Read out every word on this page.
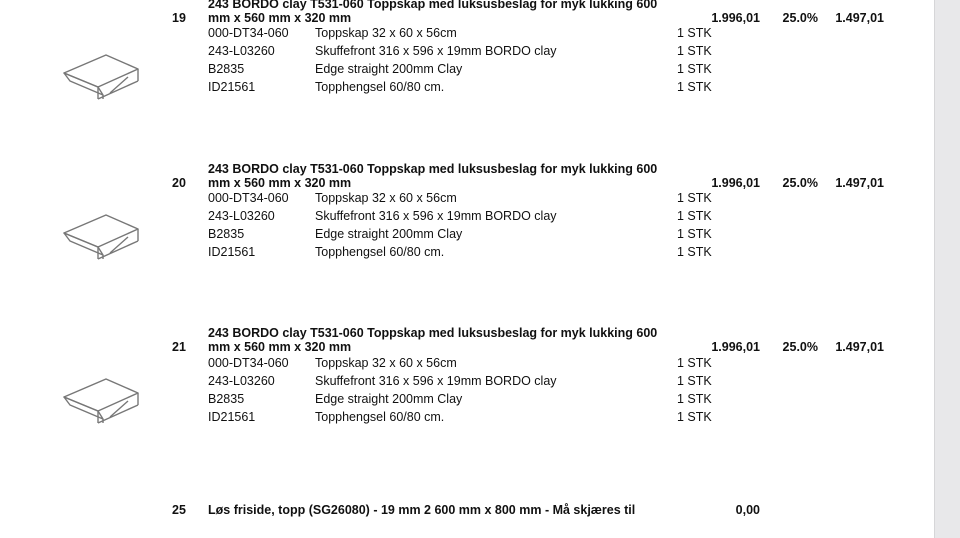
19
243 BORDO clay T531-060 Toppskap med luksusbeslag for myk lukking 600 mm x 560 mm x 320 mm	1.996,01 25.0% 1.497,01
000-DT34-060 Toppskap 32 x 60 x 56cm	1 STK
243-L03260	Skuffefront 316 x 596 x 19mm BORDO clay	1 STK
B2835	Edge straight 200mm Clay	1 STK
ID21561	Topphengsel 60/80 cm.	1 STK
20
243 BORDO clay T531-060 Toppskap med luksusbeslag for myk lukking 600 mm x 560 mm x 320 mm	1.996,01 25.0% 1.497,01
000-DT34-060 Toppskap 32 x 60 x 56cm	1 STK
243-L03260	Skuffefront 316 x 596 x 19mm BORDO clay	1 STK
B2835	Edge straight 200mm Clay	1 STK
ID21561	Topphengsel 60/80 cm.	1 STK
21
243 BORDO clay T531-060 Toppskap med luksusbeslag for myk lukking 600 mm x 560 mm x 320 mm	1.996,01 25.0% 1.497,01
000-DT34-060 Toppskap 32 x 60 x 56cm	1 STK
243-L03260	Skuffefront 316 x 596 x 19mm BORDO clay	1 STK
B2835	Edge straight 200mm Clay	1 STK
ID21561	Topphengsel 60/80 cm.	1 STK
25	Løs friside, topp (SG26080) - 19 mm 2 600 mm x 800 mm - Må skjæres til	0,00
